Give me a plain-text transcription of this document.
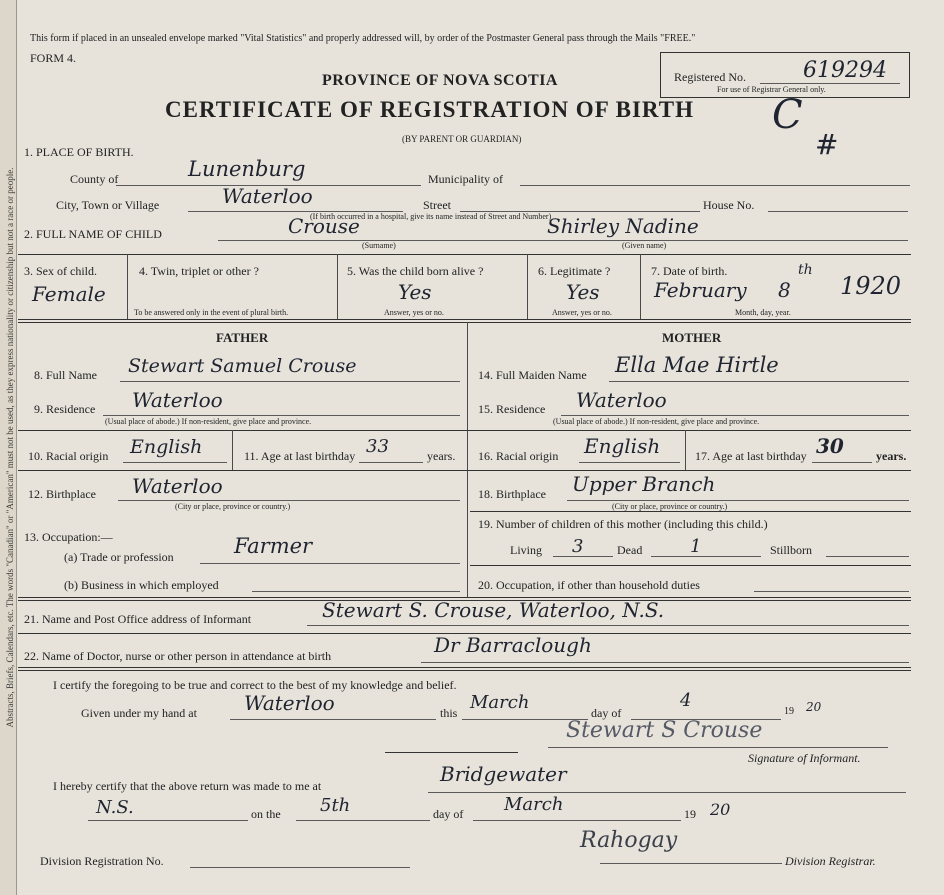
Abstracts, Briefs, Calendars, etc. The words "Canadian" or "American" must not be used, as they express nationality or citizenship but not a race or people.
This form if placed in an unsealed envelope marked "Vital Statistics" and properly addressed will, by order of the Postmaster General pass through the Mails "FREE."
FORM 4.
PROVINCE OF NOVA SCOTIA
CERTIFICATE OF REGISTRATION OF BIRTH
(BY PARENT OR GUARDIAN)
Registered No.	619294
For use of Registrar General only.
C
#
1. PLACE OF BIRTH.
County of	Lunenburg	Municipality of
City, Town or Village	Waterloo	Street	House No.
(If birth occurred in a hospital, give its name instead of Street and Number)
2. FULL NAME OF CHILD	Crouse	Shirley Nadine
(Surname)	(Given name)
3. Sex of child.
Female
4. Twin, triplet or other ?
To be answered only in the event of plural birth.
5. Was the child born alive ?
Yes
Answer, yes or no.
6. Legitimate ?
Yes
Answer, yes or no.
7. Date of birth.
February 8
th
1920
Month, day, year.
FATHER	MOTHER
8. Full Name Stewart Samuel Crouse	14. Full Maiden Name Ella Mae Hirtle
9. Residence Waterloo
(Usual place of abode.) If non-resident, give place and province.
15. Residence Waterloo
(Usual place of abode.) If non-resident, give place and province.
10. Racial origin English	11. Age at last birthday 33	years. 16. Racial origin English	17. Age at last birthday 30	years.
12. Birthplace Waterloo
(City or place, province or country.)
18. Birthplace Upper Branch
(City or place, province or country.)
13. Occupation:—
(a) Trade or profession	Farmer
(b) Business in which employed
19. Number of children of this mother (including this child.)
Living 3	Dead	1	Stillborn
20. Occupation, if other than household duties
21. Name and Post Office address of Informant	Stewart S. Crouse, Waterloo, N.S.
22. Name of Doctor, nurse or other person in attendance at birth	Dr Barraclough
I certify the foregoing to be true and correct to the best of my knowledge and belief.
Given under my hand at Waterloo	this March	day of
4
19 20
Stewart S Crouse
Signature of Informant.
I hereby certify that the above return was made to me at	Bridgewater
N.S.	on the 5th	day of March	19 20
Division Registration No.
Rahogay
Division Registrar.
